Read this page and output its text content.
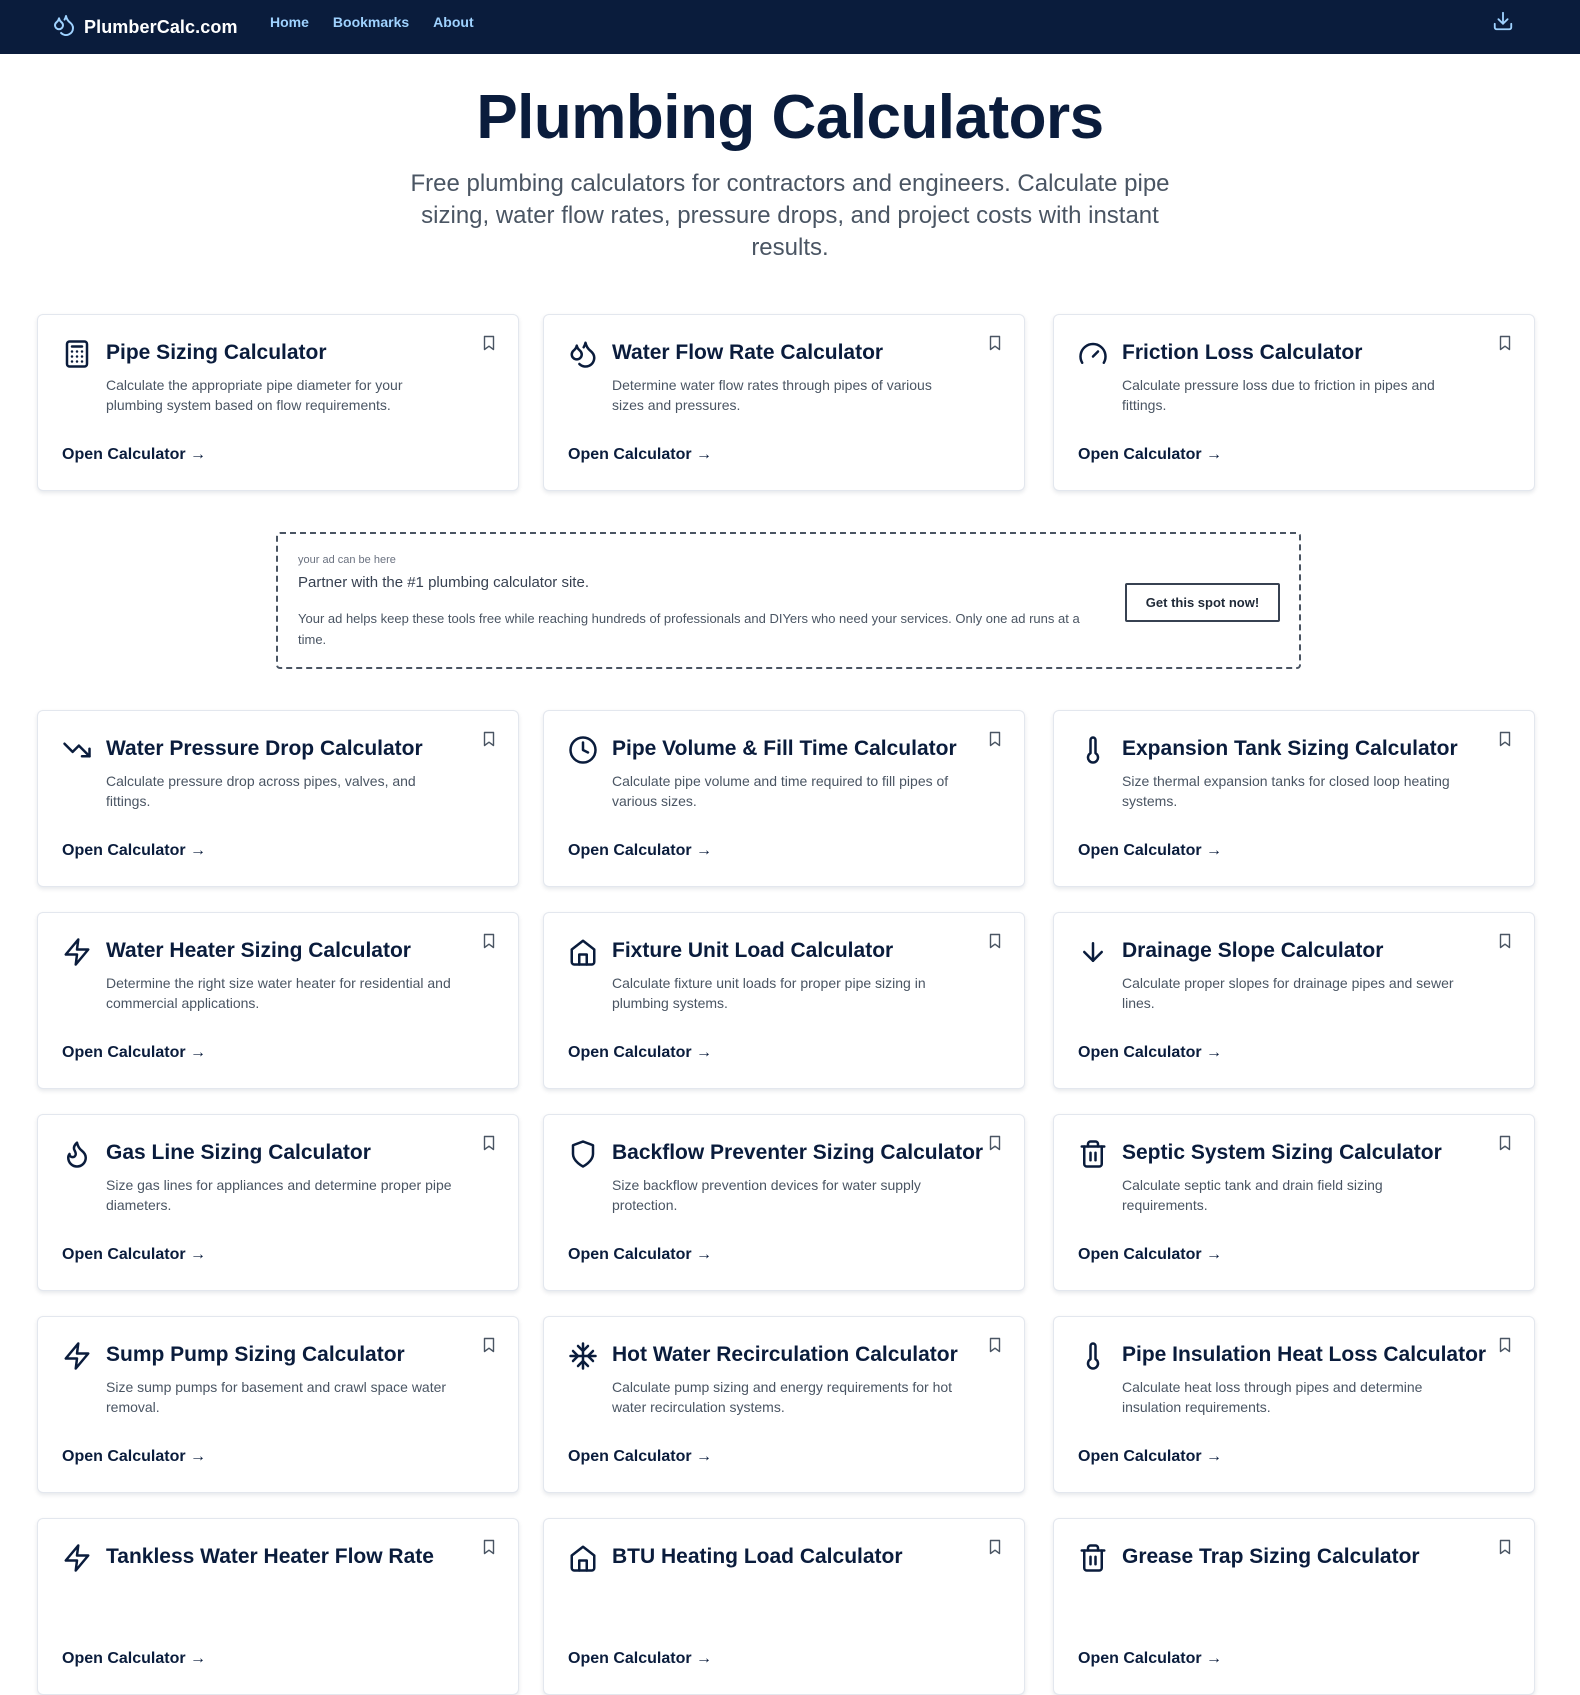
PlumberCalc.com Home Bookmarks About
Plumbing Calculators

Free plumbing calculators for contractors and engineers. Calculate pipe sizing, water flow rates, pressure drops, and project costs with instant results.

Pipe Sizing Calculator
Calculate the appropriate pipe diameter for your plumbing system based on flow requirements.
Open Calculator →
Water Flow Rate Calculator
Determine water flow rates through pipes of various sizes and pressures.
Open Calculator →
Friction Loss Calculator
Calculate pressure loss due to friction in pipes and fittings.
Open Calculator →
Water Pressure Drop Calculator
Calculate pressure drop across pipes, valves, and fittings.
Open Calculator →
Pipe Volume & Fill Time Calculator
Calculate pipe volume and time required to fill pipes of various sizes.
Open Calculator →
Expansion Tank Sizing Calculator
Size thermal expansion tanks for closed loop heating systems.
Open Calculator →
Water Heater Sizing Calculator
Determine the right size water heater for residential and commercial applications.
Open Calculator →
Fixture Unit Load Calculator
Calculate fixture unit loads for proper pipe sizing in plumbing systems.
Open Calculator →
Drainage Slope Calculator
Calculate proper slopes for drainage pipes and sewer lines.
Open Calculator →
Gas Line Sizing Calculator
Size gas lines for appliances and determine proper pipe diameters.
Open Calculator →
Backflow Preventer Sizing Calculator
Size backflow prevention devices for water supply protection.
Open Calculator →
Septic System Sizing Calculator
Calculate septic tank and drain field sizing requirements.
Open Calculator →
Sump Pump Sizing Calculator
Size sump pumps for basement and crawl space water removal.
Open Calculator →
Hot Water Recirculation Calculator
Calculate pump sizing and energy requirements for hot water recirculation systems.
Open Calculator →
Pipe Insulation Heat Loss Calculator
Calculate heat loss through pipes and determine insulation requirements.
Open Calculator →
Tankless Water Heater Flow Rate
Open Calculator →
BTU Heating Load Calculator
Open Calculator →
Grease Trap Sizing Calculator
Open Calculator →
your ad can be here
Partner with the #1 plumbing calculator site.
Your ad helps keep these tools free while reaching hundreds of professionals and DIYers who need your services. Only one ad runs at a time.
Get this spot now!
